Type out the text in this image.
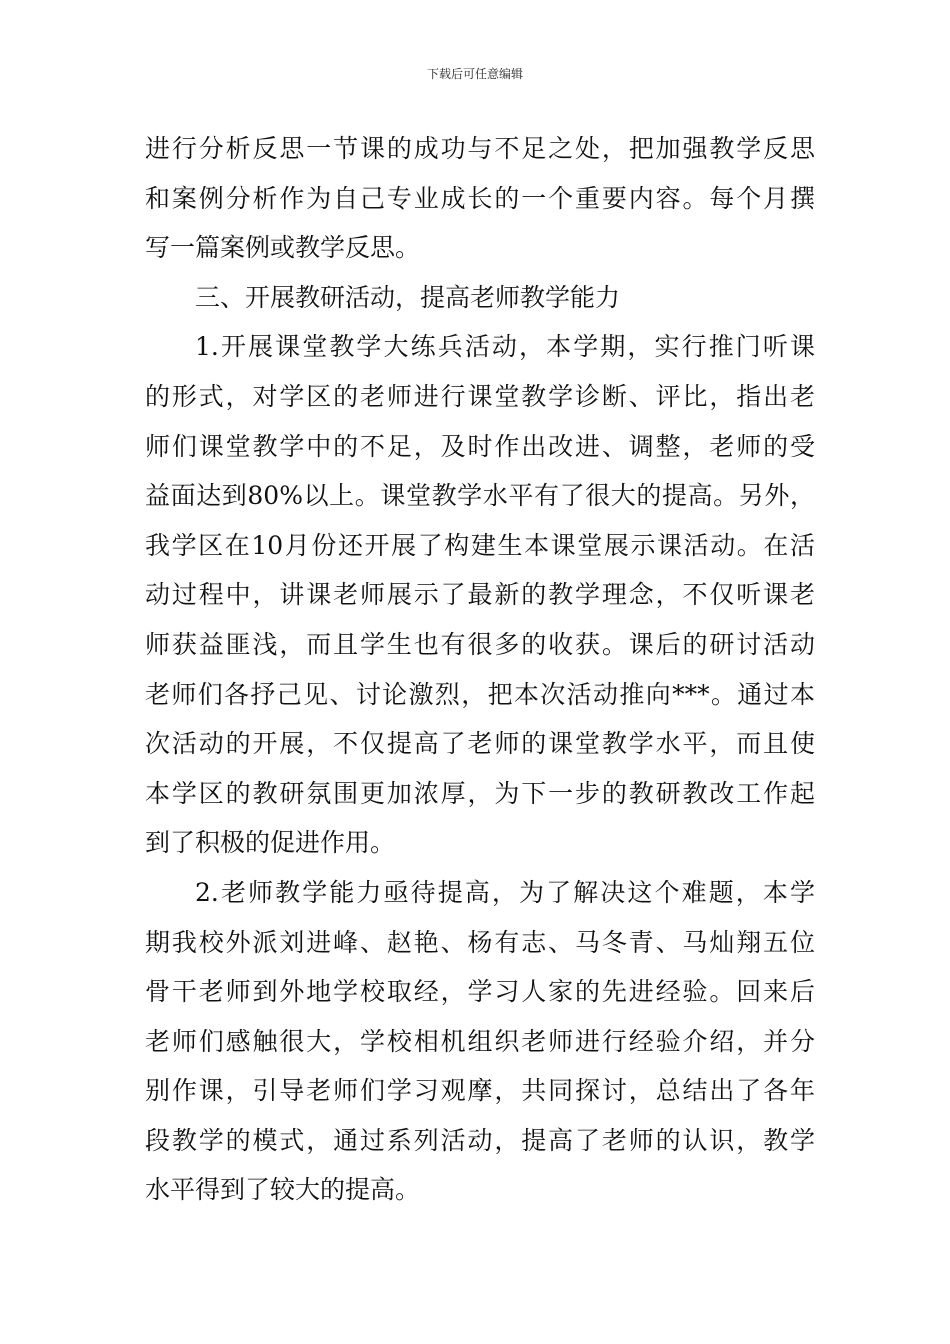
下载后可任意编辑
进行分析反思一节课的成功与不足之处，把加强教学反思
和案例分析作为自己专业成长的一个重要内容。每个月撰
写一篇案例或教学反思。
三、开展教研活动，提高老师教学能力
1.开展课堂教学大练兵活动，本学期，实行推门听课
的形式，对学区的老师进行课堂教学诊断、评比，指出老
师们课堂教学中的不足，及时作出改进、调整，老师的受
益面达到80%以上。课堂教学水平有了很大的提高。另外，
我学区在10月份还开展了构建生本课堂展示课活动。在活
动过程中，讲课老师展示了最新的教学理念，不仅听课老
师获益匪浅，而且学生也有很多的收获。课后的研讨活动
老师们各抒己见、讨论激烈，把本次活动推向***。通过本
次活动的开展，不仅提高了老师的课堂教学水平，而且使
本学区的教研氛围更加浓厚，为下一步的教研教改工作起
到了积极的促进作用。
2.老师教学能力亟待提高，为了解决这个难题，本学
期我校外派刘进峰、赵艳、杨有志、马冬青、马灿翔五位
骨干老师到外地学校取经，学习人家的先进经验。回来后
老师们感触很大，学校相机组织老师进行经验介绍，并分
别作课，引导老师们学习观摩，共同探讨，总结出了各年
段教学的模式，通过系列活动，提高了老师的认识，教学
水平得到了较大的提高。
